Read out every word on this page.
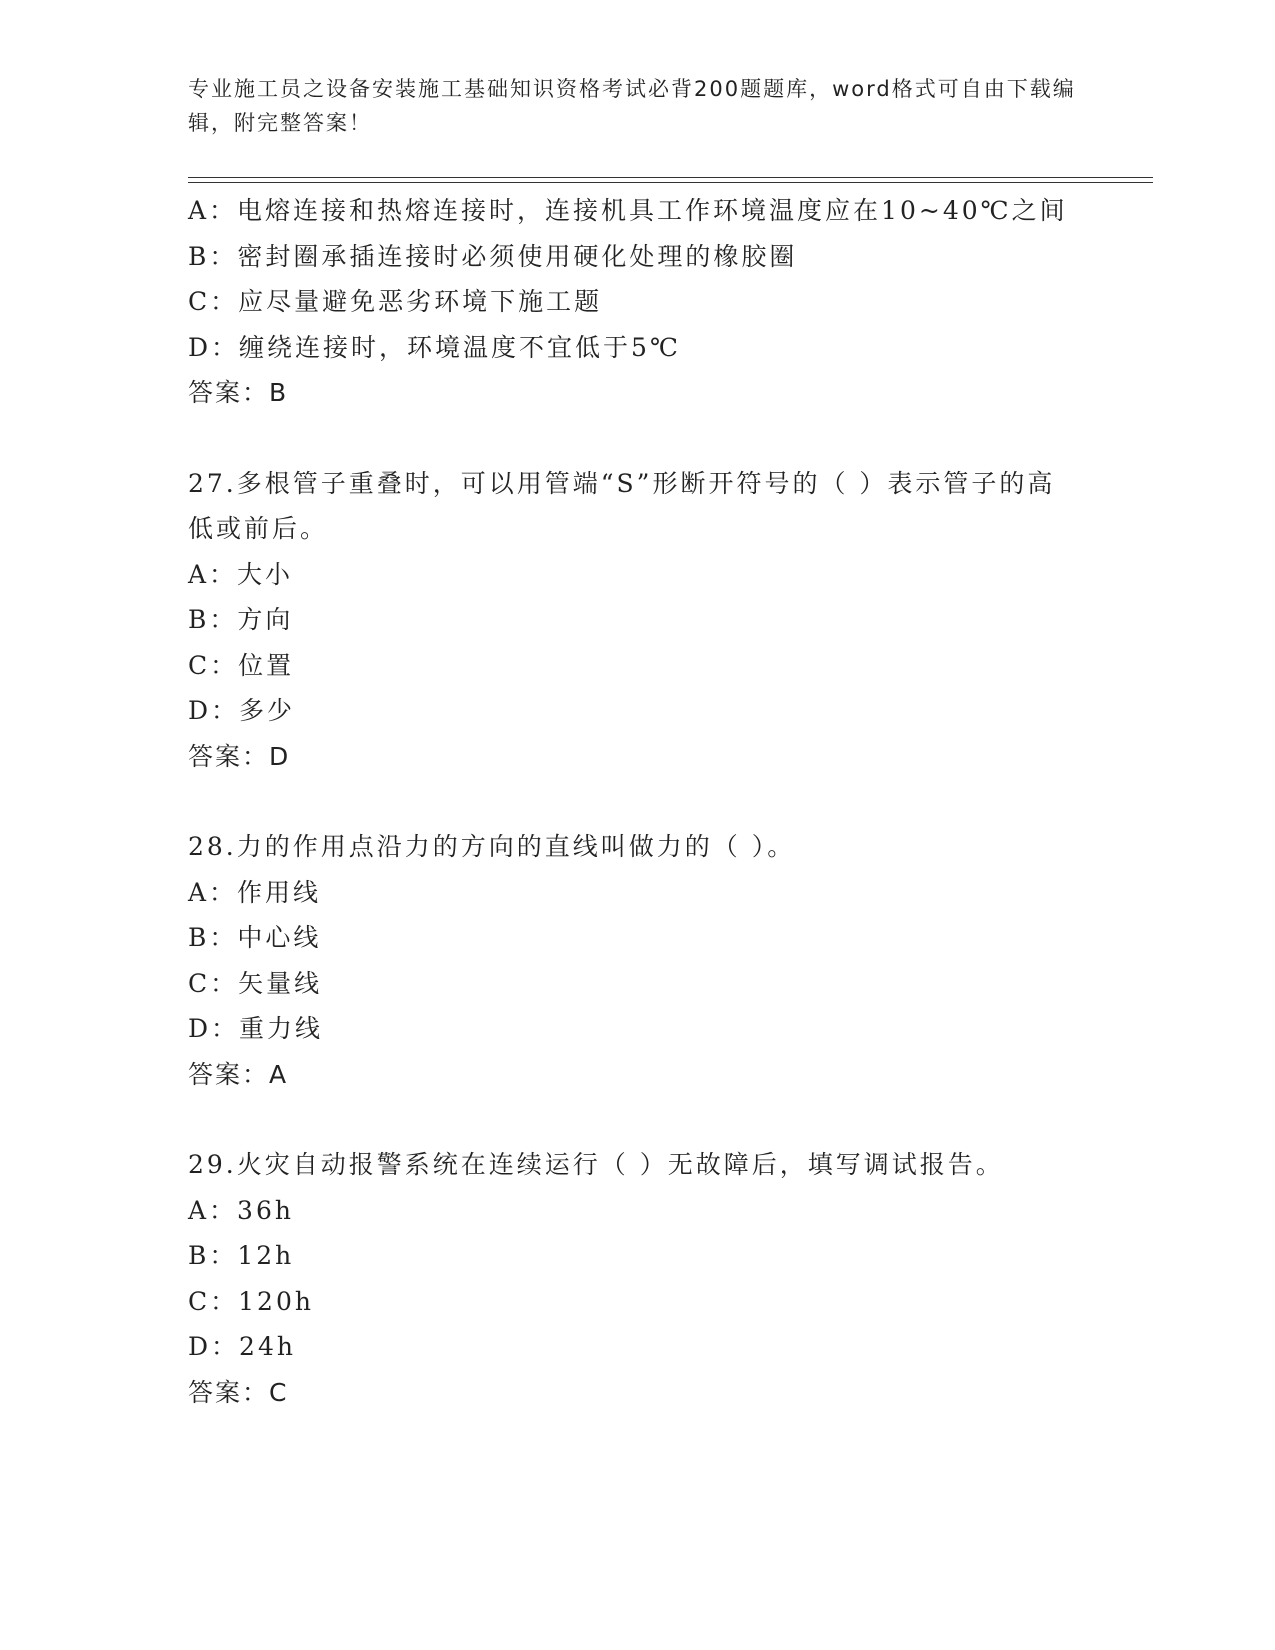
专业施工员之设备安装施工基础知识资格考试必背200题题库，word格式可自由下载编辑，附完整答案！
A：电熔连接和热熔连接时，连接机具工作环境温度应在10~40℃之间
B：密封圈承插连接时必须使用硬化处理的橡胶圈
C：应尽量避免恶劣环境下施工题
D：缠绕连接时，环境温度不宜低于5℃
答案：B
27.多根管子重叠时，可以用管端“S”形断开符号的（ ）表示管子的高低或前后。
A：大小
B：方向
C：位置
D：多少
答案：D
28.力的作用点沿力的方向的直线叫做力的（ ）。
A：作用线
B：中心线
C：矢量线
D：重力线
答案：A
29.火灾自动报警系统在连续运行（ ）无故障后，填写调试报告。
A：36h
B：12h
C：120h
D：24h
答案：C
